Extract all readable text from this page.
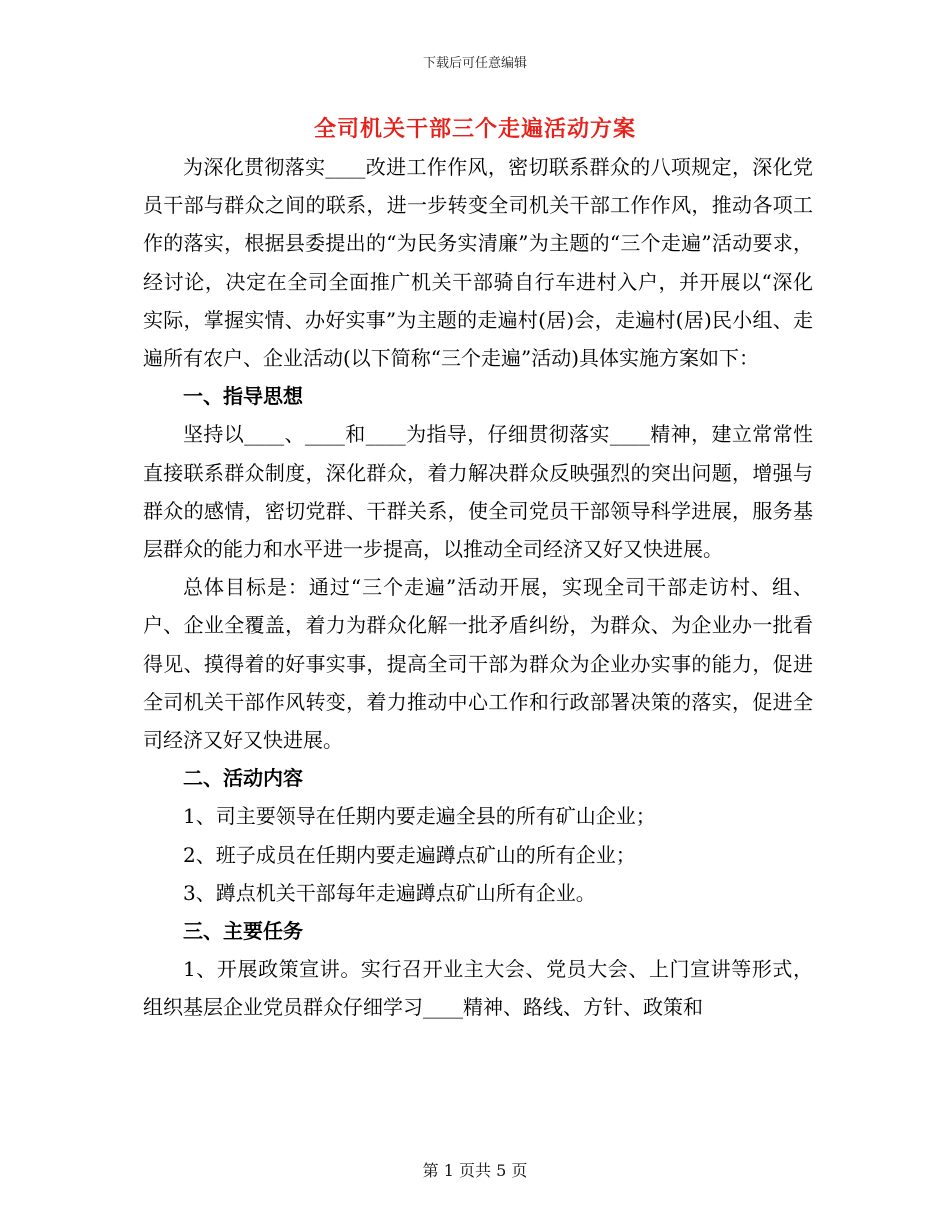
下载后可任意编辑
全司机关干部三个走遍活动方案

为深化贯彻落实____改进工作作风，密切联系群众的八项规定，深化党员干部与群众之间的联系，进一步转变全司机关干部工作作风，推动各项工作的落实，根据县委提出的“为民务实清廉”为主题的“三个走遍”活动要求，经讨论，决定在全司全面推广机关干部骑自行车进村入户，并开展以“深化实际，掌握实情、办好实事”为主题的走遍村(居)会，走遍村(居)民小组、走遍所有农户、企业活动(以下简称“三个走遍”活动)具体实施方案如下：

一、指导思想

坚持以____、____和____为指导，仔细贯彻落实____精神，建立常常性直接联系群众制度，深化群众，着力解决群众反映强烈的突出问题，增强与群众的感情，密切党群、干群关系，使全司党员干部领导科学进展，服务基层群众的能力和水平进一步提高，以推动全司经济又好又快进展。

总体目标是：通过“三个走遍”活动开展，实现全司干部走访村、组、户、企业全覆盖，着力为群众化解一批矛盾纠纷，为群众、为企业办一批看得见、摸得着的好事实事，提高全司干部为群众为企业办实事的能力，促进全司机关干部作风转变，着力推动中心工作和行政部署决策的落实，促进全司经济又好又快进展。

二、活动内容

1、司主要领导在任期内要走遍全县的所有矿山企业；

2、班子成员在任期内要走遍蹲点矿山的所有企业；

3、蹲点机关干部每年走遍蹲点矿山所有企业。

三、主要任务

1、开展政策宣讲。实行召开业主大会、党员大会、上门宣讲等形式，组织基层企业党员群众仔细学习____精神、路线、方针、政策和

第 1 页共 5 页
